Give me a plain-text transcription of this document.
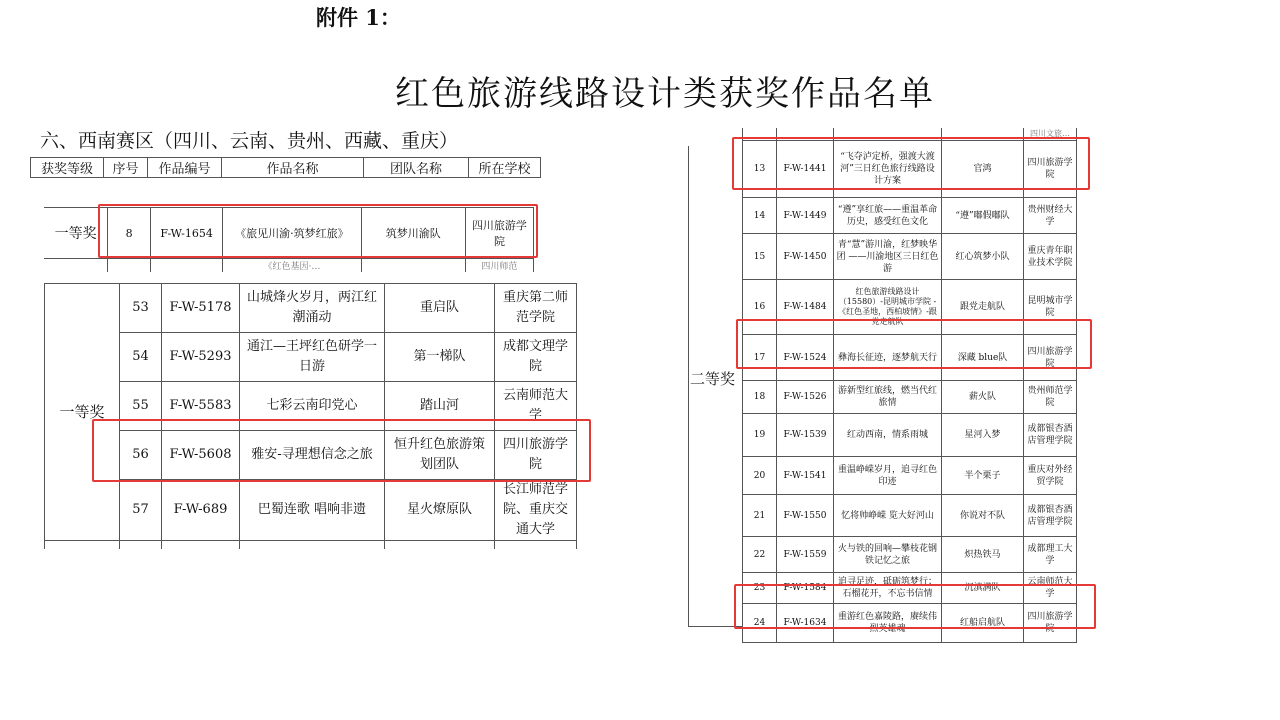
附件 1：
红色旅游线路设计类获奖作品名单
六、西南赛区（四川、云南、贵州、西藏、重庆）
获奖等级	序号	作品编号	作品名称	团队名称	所在学校
一等奖	8	F-W-1654	《旅见川渝·筑梦红旅》	筑梦川渝队	四川旅游学院
			《红色基因·…		四川师范
一等奖	53	F-W-5178	山城烽火岁月，两江红潮涌动	重启队	重庆第二师范学院
	54	F-W-5293	通江—王坪红色研学一日游	第一梯队	成都文理学院
	55	F-W-5583	七彩云南印党心	踏山河	云南师范大学
	56	F-W-5608	雅安-寻理想信念之旅	恒升红色旅游策划团队	四川旅游学院
	57	F-W-689	巴蜀连歌 唱响非遗	星火燎原队	长江师范学院、重庆交通大学

二等奖
				四川文旅…
13	F-W-1441	“飞夺泸定桥，强渡大渡河”三日红色旅行线路设计方案	官鸿	四川旅游学院
14	F-W-1449	“遵”享红旅——重温革命历史，感受红色文化	“遵”嘟假嘟队	贵州财经大学
15	F-W-1450	青“慧”游川渝，红梦映华团 ——川渝地区三日红色游	红心筑梦小队	重庆青年职业技术学院
16	F-W-1484	红色旅游线路设计（15580）-昆明城市学院 -《红色圣地，西柏坡情》-跟党走航队	跟党走航队	昆明城市学院
17	F-W-1524	彝海长征迹，逐梦航天行	深藏 blue队	四川旅游学院
18	F-W-1526	游新型红旅线，燃当代红旅情	薪火队	贵州师范学院
19	F-W-1539	红动西南，情系雨城	星河入梦	成都银杏酒店管理学院
20	F-W-1541	重温峥嵘岁月，追寻红色印迹	半个栗子	重庆对外经贸学院
21	F-W-1550	忆将帅峥嵘 览大好河山	你说对不队	成都银杏酒店管理学院
22	F-W-1559	火与铁的回响—攀枝花钢铁记忆之旅	炽热铁马	成都理工大学
23	F-W-1584	追寻足迹，砥砺筑梦行；石榴花开，不忘书信情	沉滇满队	云南师范大学
24	F-W-1634	重游红色嘉陵路，赓续伟烈英雄魂	红船启航队	四川旅游学院
